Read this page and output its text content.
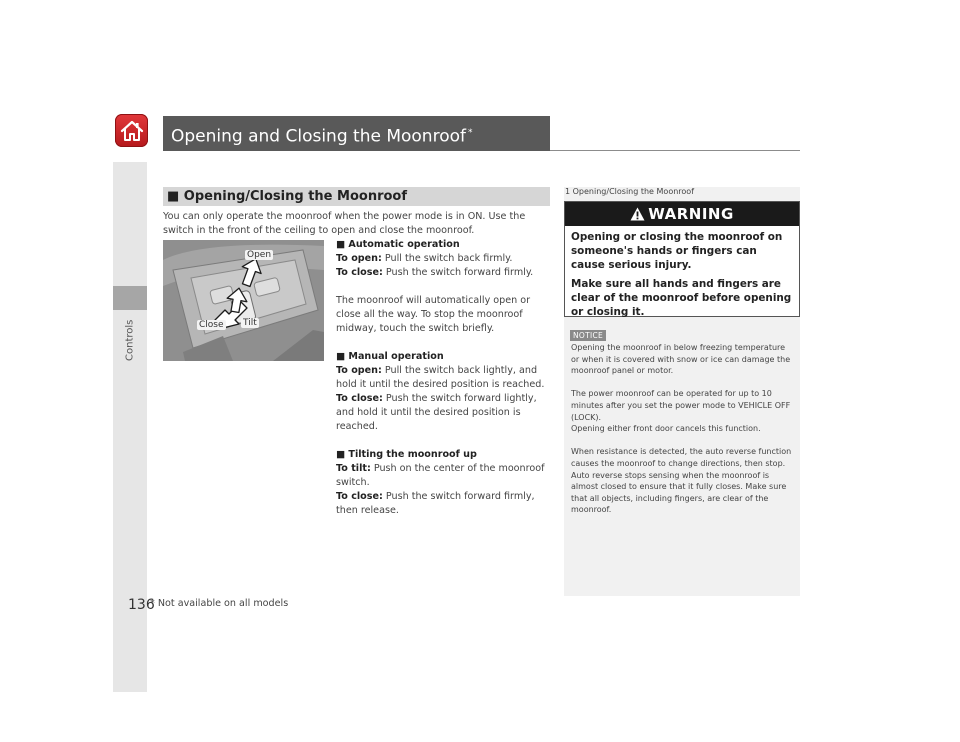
Controls
Opening and Closing the Moonroof *
■ Opening/Closing the Moonroof
You can only operate the moonroof when the power mode is in ON. Use the switch in the front of the ceiling to open and close the moonroof.
Open
Close Tilt

■ Automatic operation

To open: Pull the switch back firmly.

To close: Push the switch forward firmly.

The moonroof will automatically open or close all the way. To stop the moonroof midway, touch the switch briefly.

■ Manual operation

To open: Pull the switch back lightly, and hold it until the desired position is reached.

To close: Push the switch forward lightly, and hold it until the desired position is reached.

■ Tilting the moonroof up

To tilt: Push on the center of the moonroof switch.

To close: Push the switch forward firmly, then release.

1 Opening/Closing the Moonroof
WARNING

Opening or closing the moonroof on someone's hands or fingers can cause serious injury.

Make sure all hands and fingers are clear of the moonroof before opening or closing it.

NOTICE

Opening the moonroof in below freezing temperature or when it is covered with snow or ice can damage the moonroof panel or motor.

The power moonroof can be operated for up to 10 minutes after you set the power mode to VEHICLE OFF (LOCK).

Opening either front door cancels this function.

When resistance is detected, the auto reverse function causes the moonroof to change directions, then stop. Auto reverse stops sensing when the moonroof is almost closed to ensure that it fully closes. Make sure that all objects, including fingers, are clear of the moonroof.

136
* Not available on all models
